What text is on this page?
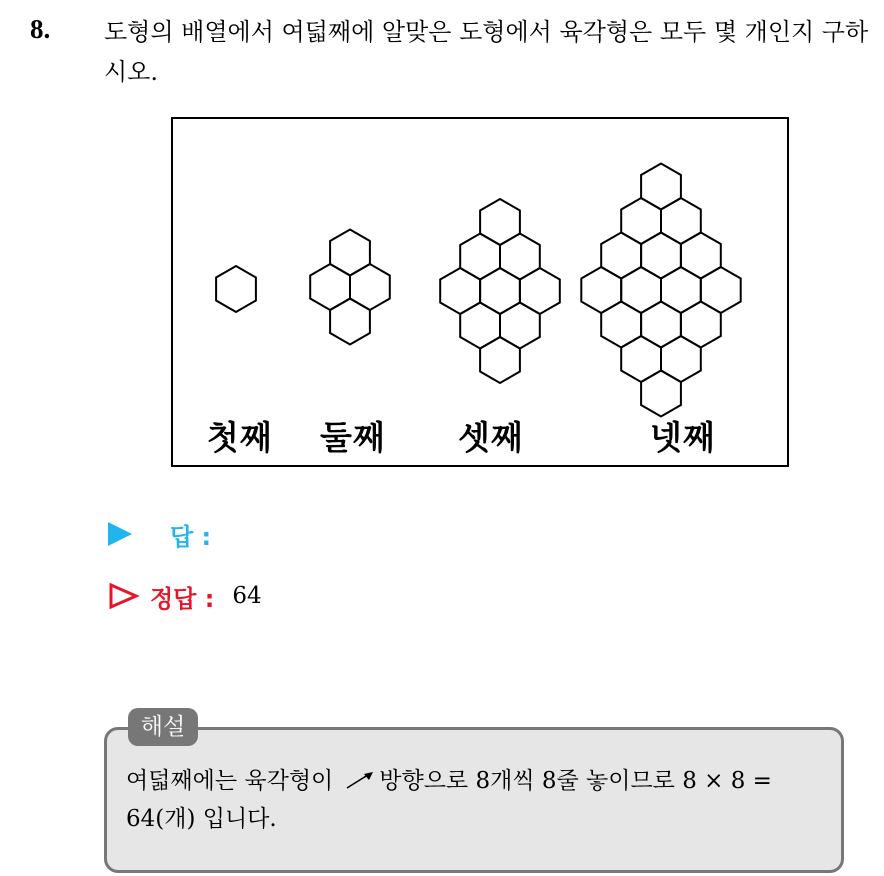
8. 도형의 배열에서 여덟째에 알맞은 도형에서 육각형은 모두 몇 개인지 구하시오.
첫째 둘째 셋째	넷째
답 :
정답 : 64
해설
여덟째에는 육각형이 방향으로 8개씩 8줄 놓이므로 8 × 8 =
64(개) 입니다.
